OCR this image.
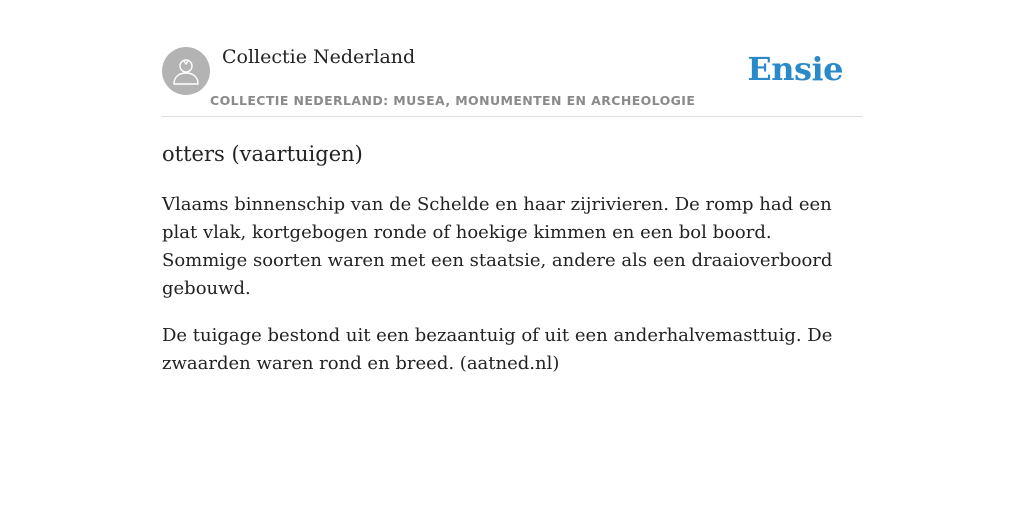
Collectie Nederland
COLLECTIE NEDERLAND: MUSEA, MONUMENTEN EN ARCHEOLOGIE
Ensie
otters (vaartuigen)

Vlaams binnenschip van de Schelde en haar zijrivieren. De romp had een plat vlak, kortgebogen ronde of hoekige kimmen en een bol boord. Sommige soorten waren met een staatsie, andere als een draaioverboord gebouwd.

De tuigage bestond uit een bezaantuig of uit een anderhalvemasttuig. De zwaarden waren rond en breed. (aatned.nl)
